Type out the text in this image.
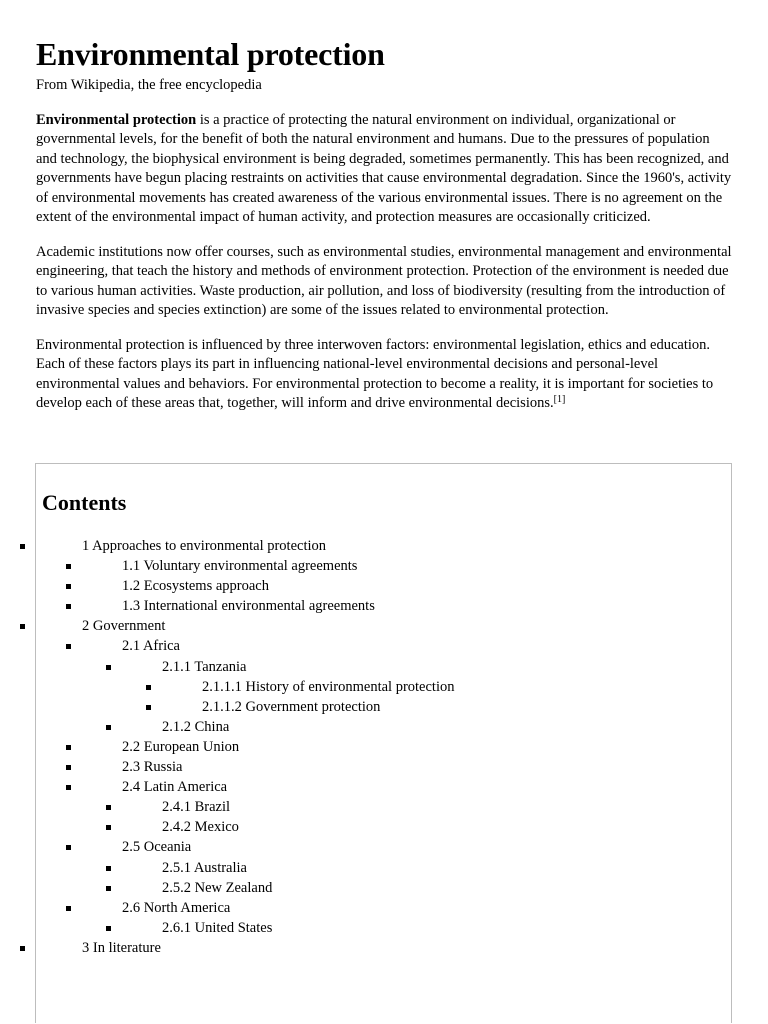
Environmental protection
From Wikipedia, the free encyclopedia

Environmental protection is a practice of protecting the natural environment on individual, organizational or governmental levels, for the benefit of both the natural environment and humans. Due to the pressures of population and technology, the biophysical environment is being degraded, sometimes permanently. This has been recognized, and governments have begun placing restraints on activities that cause environmental degradation. Since the 1960's, activity of environmental movements has created awareness of the various environmental issues. There is no agreement on the extent of the environmental impact of human activity, and protection measures are occasionally criticized.

Academic institutions now offer courses, such as environmental studies, environmental management and environmental engineering, that teach the history and methods of environment protection. Protection of the environment is needed due to various human activities. Waste production, air pollution, and loss of biodiversity (resulting from the introduction of invasive species and species extinction) are some of the issues related to environmental protection.

Environmental protection is influenced by three interwoven factors: environmental legislation, ethics and education. Each of these factors plays its part in influencing national-level environmental decisions and personal-level environmental values and behaviors. For environmental protection to become a reality, it is important for societies to develop each of these areas that, together, will inform and drive environmental decisions.[1]

Contents
1 Approaches to environmental protection
1.1 Voluntary environmental agreements
1.2 Ecosystems approach
1.3 International environmental agreements
2 Government
2.1 Africa
2.1.1 Tanzania
2.1.1.1 History of environmental protection
2.1.1.2 Government protection
2.1.2 China
2.2 European Union
2.3 Russia
2.4 Latin America
2.4.1 Brazil
2.4.2 Mexico
2.5 Oceania
2.5.1 Australia
2.5.2 New Zealand
2.6 North America
2.6.1 United States
3 In literature
